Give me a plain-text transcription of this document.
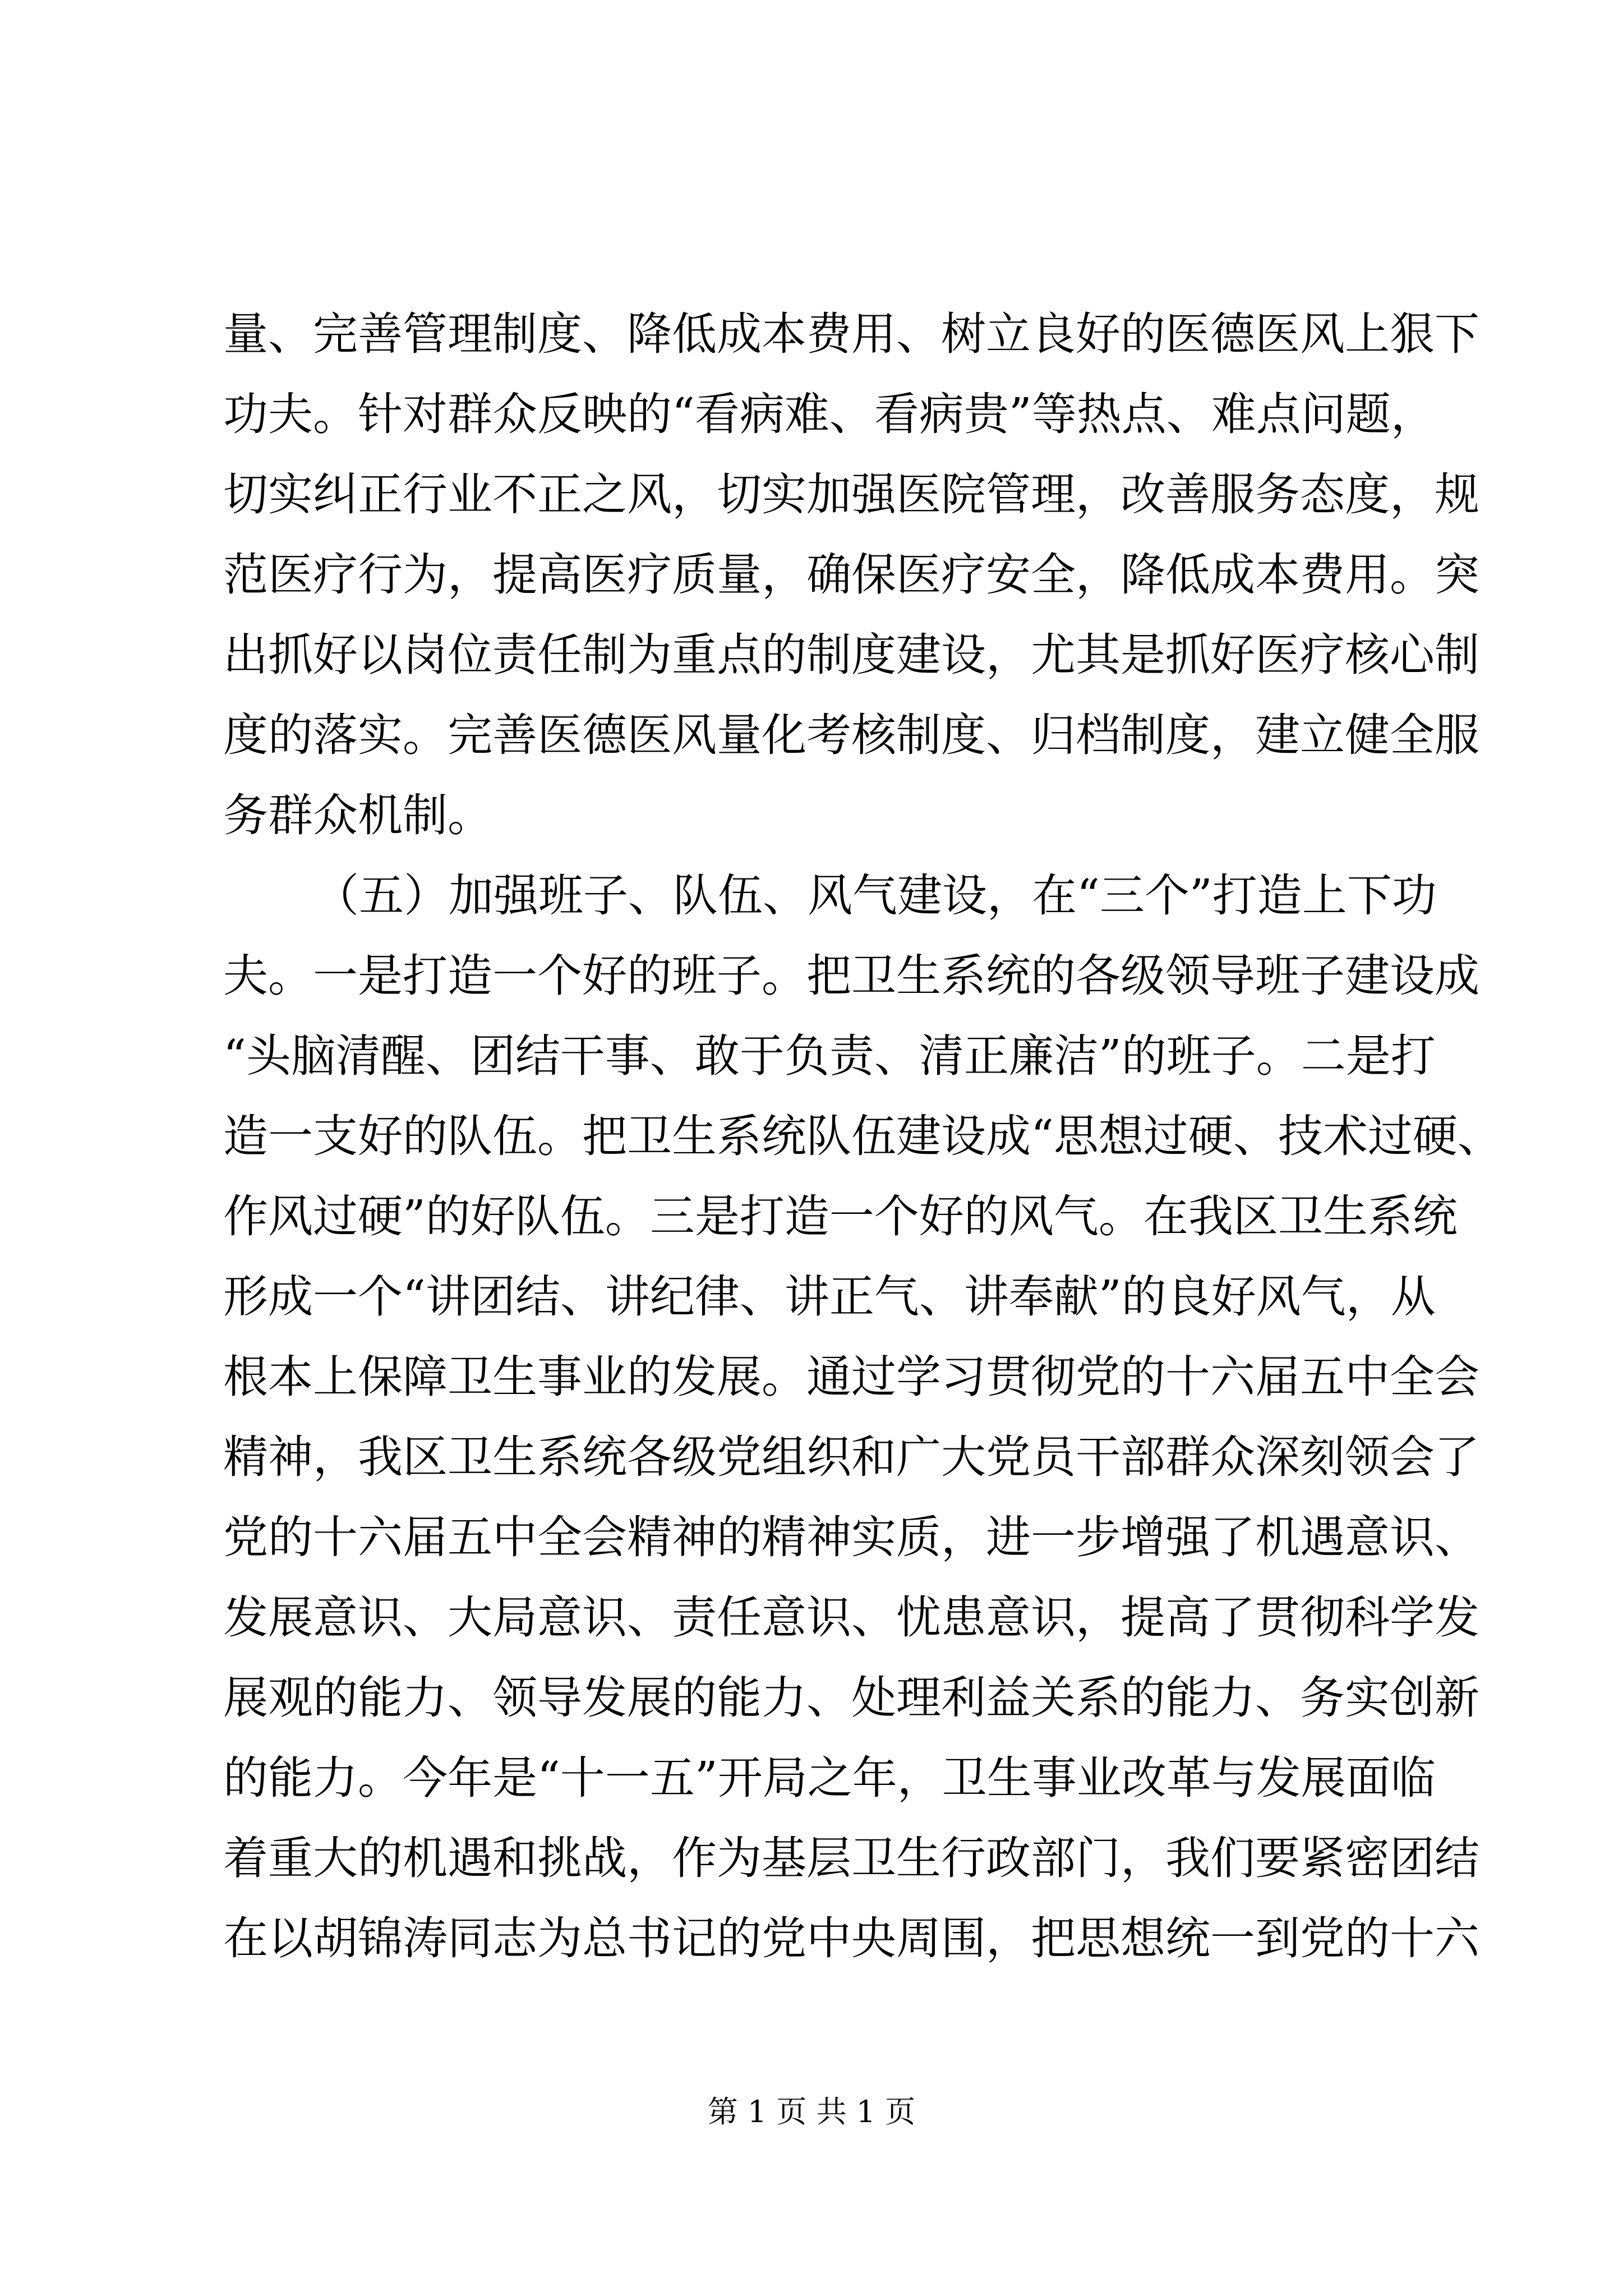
量、完善管理制度、降低成本费用、树立良好的医德医风上狠下
功夫。针对群众反映的“看病难、看病贵”等热点、难点问题，
切实纠正行业不正之风，切实加强医院管理，改善服务态度，规
范医疗行为，提高医疗质量，确保医疗安全，降低成本费用。突
出抓好以岗位责任制为重点的制度建设，尤其是抓好医疗核心制
度的落实。完善医德医风量化考核制度、归档制度，建立健全服
务群众机制。
（五）加强班子、队伍、风气建设，在“三个”打造上下功
夫。一是打造一个好的班子。把卫生系统的各级领导班子建设成
“头脑清醒、团结干事、敢于负责、清正廉洁”的班子。二是打
造一支好的队伍。把卫生系统队伍建设成“思想过硬、技术过硬、
作风过硬”的好队伍。三是打造一个好的风气。在我区卫生系统
形成一个“讲团结、讲纪律、讲正气、讲奉献”的良好风气，从
根本上保障卫生事业的发展。通过学习贯彻党的十六届五中全会
精神，我区卫生系统各级党组织和广大党员干部群众深刻领会了
党的十六届五中全会精神的精神实质，进一步增强了机遇意识、
发展意识、大局意识、责任意识、忧患意识，提高了贯彻科学发
展观的能力、领导发展的能力、处理利益关系的能力、务实创新
的能力。今年是“十一五”开局之年，卫生事业改革与发展面临
着重大的机遇和挑战，作为基层卫生行政部门，我们要紧密团结
在以胡锦涛同志为总书记的党中央周围，把思想统一到党的十六
第 1 页 共 1 页
